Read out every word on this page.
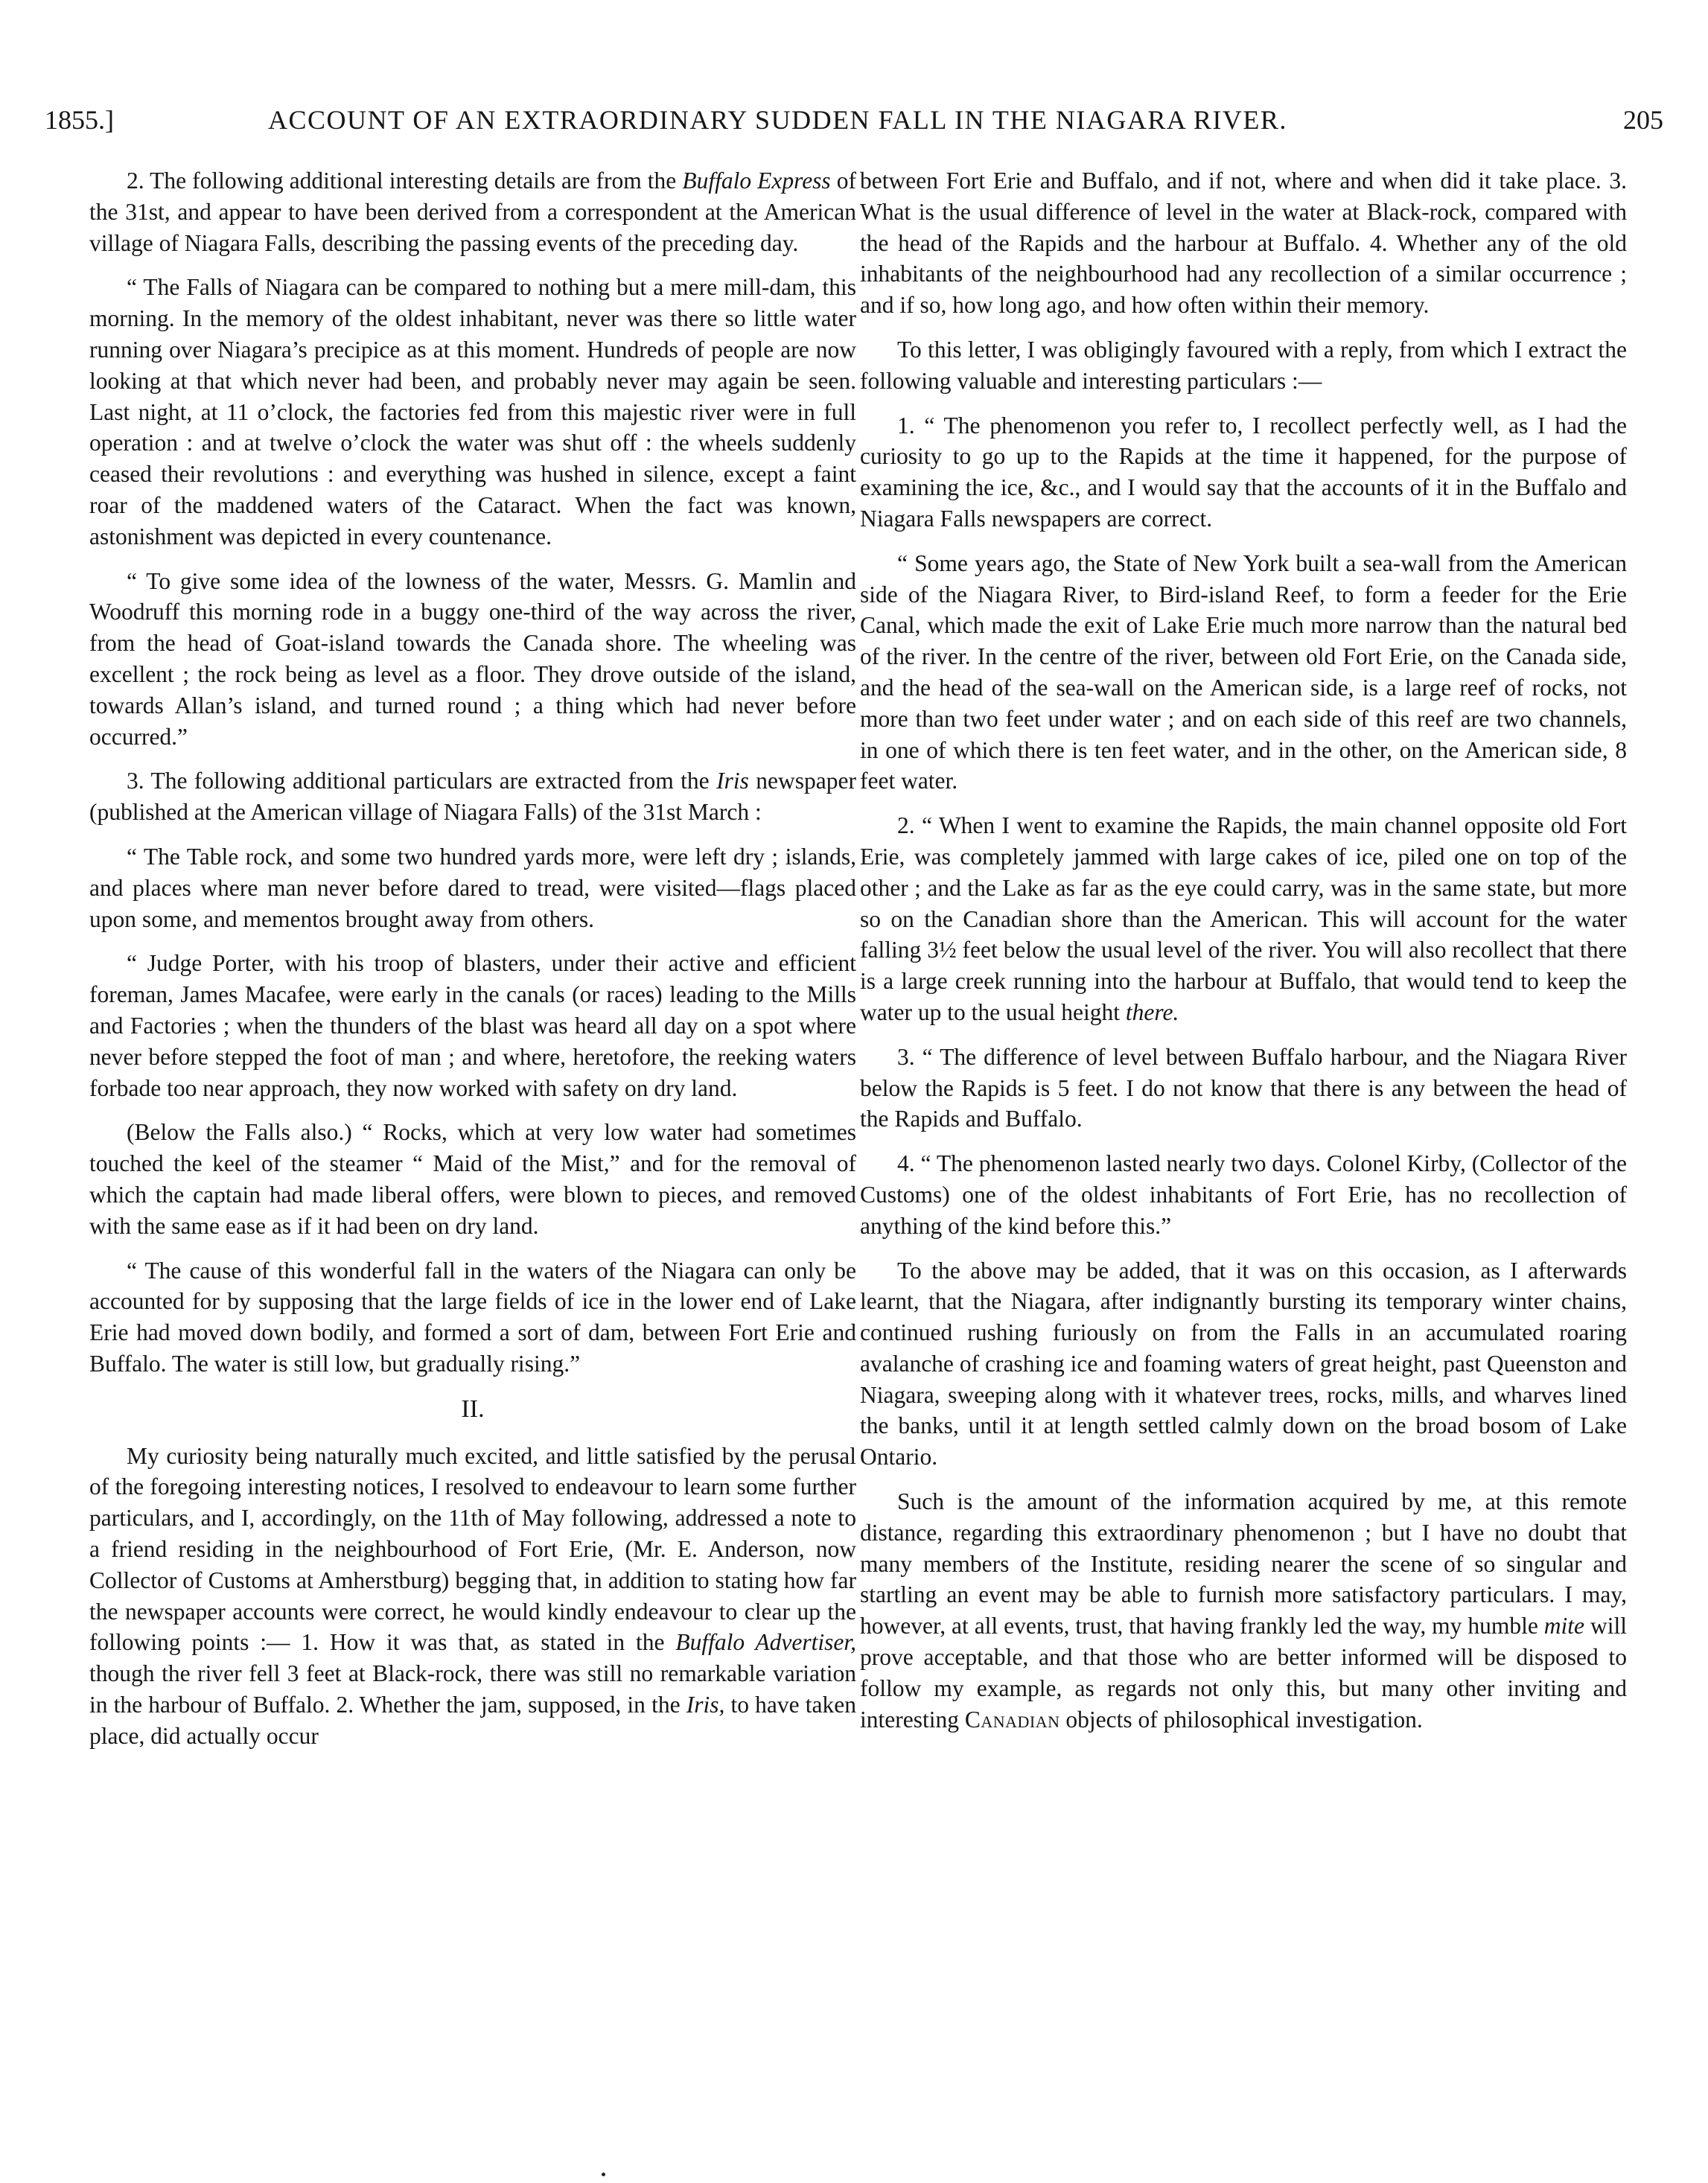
1855.]	ACCOUNT OF AN EXTRAORDINARY SUDDEN FALL IN THE NIAGARA RIVER.	205

2. The following additional interesting details are from the Buffalo Express of the 31st, and appear to have been derived from a correspondent at the American village of Niagara Falls, describing the passing events of the preceding day.

“ The Falls of Niagara can be compared to nothing but a mere mill-dam, this morning. In the memory of the oldest inhabitant, never was there so little water running over Niagara’s precipice as at this moment. Hundreds of people are now looking at that which never had been, and probably never may again be seen. Last night, at 11 o’clock, the factories fed from this majestic river were in full operation : and at twelve o’clock the water was shut off : the wheels suddenly ceased their revolutions : and everything was hushed in silence, except a faint roar of the maddened waters of the Cataract. When the fact was known, astonishment was depicted in every countenance.

“ To give some idea of the lowness of the water, Messrs. G. Mamlin and Woodruff this morning rode in a buggy one-third of the way across the river, from the head of Goat-island towards the Canada shore. The wheeling was excellent ; the rock being as level as a floor. They drove outside of the island, towards Allan’s island, and turned round ; a thing which had never before occurred.”

3. The following additional particulars are extracted from the Iris newspaper (published at the American village of Niagara Falls) of the 31st March :

“ The Table rock, and some two hundred yards more, were left dry ; islands, and places where man never before dared to tread, were visited—flags placed upon some, and mementos brought away from others.

“ Judge Porter, with his troop of blasters, under their active and efficient foreman, James Macafee, were early in the canals (or races) leading to the Mills and Factories ; when the thunders of the blast was heard all day on a spot where never before stepped the foot of man ; and where, heretofore, the reeking waters forbade too near approach, they now worked with safety on dry land.

(Below the Falls also.) “ Rocks, which at very low water had sometimes touched the keel of the steamer “ Maid of the Mist,” and for the removal of which the captain had made liberal offers, were blown to pieces, and removed with the same ease as if it had been on dry land.

“ The cause of this wonderful fall in the waters of the Niagara can only be accounted for by supposing that the large fields of ice in the lower end of Lake Erie had moved down bodily, and formed a sort of dam, between Fort Erie and Buffalo. The water is still low, but gradually rising.”

II.

My curiosity being naturally much excited, and little satisfied by the perusal of the foregoing interesting notices, I resolved to endeavour to learn some further particulars, and I, accordingly, on the 11th of May following, addressed a note to a friend residing in the neighbourhood of Fort Erie, (Mr. E. Anderson, now Collector of Customs at Amherstburg) begging that, in addition to stating how far the newspaper accounts were correct, he would kindly endeavour to clear up the following points :— 1. How it was that, as stated in the Buffalo Advertiser, though the river fell 3 feet at Black-rock, there was still no remarkable variation in the harbour of Buffalo. 2. Whether the jam, supposed, in the Iris, to have taken place, did actually occur

between Fort Erie and Buffalo, and if not, where and when did it take place. 3. What is the usual difference of level in the water at Black-rock, compared with the head of the Rapids and the harbour at Buffalo. 4. Whether any of the old inhabitants of the neighbourhood had any recollection of a similar occurrence ; and if so, how long ago, and how often within their memory.

To this letter, I was obligingly favoured with a reply, from which I extract the following valuable and interesting particulars :—

1. “ The phenomenon you refer to, I recollect perfectly well, as I had the curiosity to go up to the Rapids at the time it happened, for the purpose of examining the ice, &c., and I would say that the accounts of it in the Buffalo and Niagara Falls newspapers are correct.

“ Some years ago, the State of New York built a sea-wall from the American side of the Niagara River, to Bird-island Reef, to form a feeder for the Erie Canal, which made the exit of Lake Erie much more narrow than the natural bed of the river. In the centre of the river, between old Fort Erie, on the Canada side, and the head of the sea-wall on the American side, is a large reef of rocks, not more than two feet under water ; and on each side of this reef are two channels, in one of which there is ten feet water, and in the other, on the American side, 8 feet water.

2. “ When I went to examine the Rapids, the main channel opposite old Fort Erie, was completely jammed with large cakes of ice, piled one on top of the other ; and the Lake as far as the eye could carry, was in the same state, but more so on the Canadian shore than the American. This will account for the water falling 3½ feet below the usual level of the river. You will also recollect that there is a large creek running into the harbour at Buffalo, that would tend to keep the water up to the usual height there.

3. “ The difference of level between Buffalo harbour, and the Niagara River below the Rapids is 5 feet. I do not know that there is any between the head of the Rapids and Buffalo.

4. “ The phenomenon lasted nearly two days. Colonel Kirby, (Collector of the Customs) one of the oldest inhabitants of Fort Erie, has no recollection of anything of the kind before this.”

To the above may be added, that it was on this occasion, as I afterwards learnt, that the Niagara, after indignantly bursting its temporary winter chains, continued rushing furiously on from the Falls in an accumulated roaring avalanche of crashing ice and foaming waters of great height, past Queenston and Niagara, sweeping along with it whatever trees, rocks, mills, and wharves lined the banks, until it at length settled calmly down on the broad bosom of Lake Ontario.

Such is the amount of the information acquired by me, at this remote distance, regarding this extraordinary phenomenon ; but I have no doubt that many members of the Institute, residing nearer the scene of so singular and startling an event may be able to furnish more satisfactory particulars. I may, however, at all events, trust, that having frankly led the way, my humble mite will prove acceptable, and that those who are better informed will be disposed to follow my example, as regards not only this, but many other inviting and interesting Canadian objects of philosophical investigation.
